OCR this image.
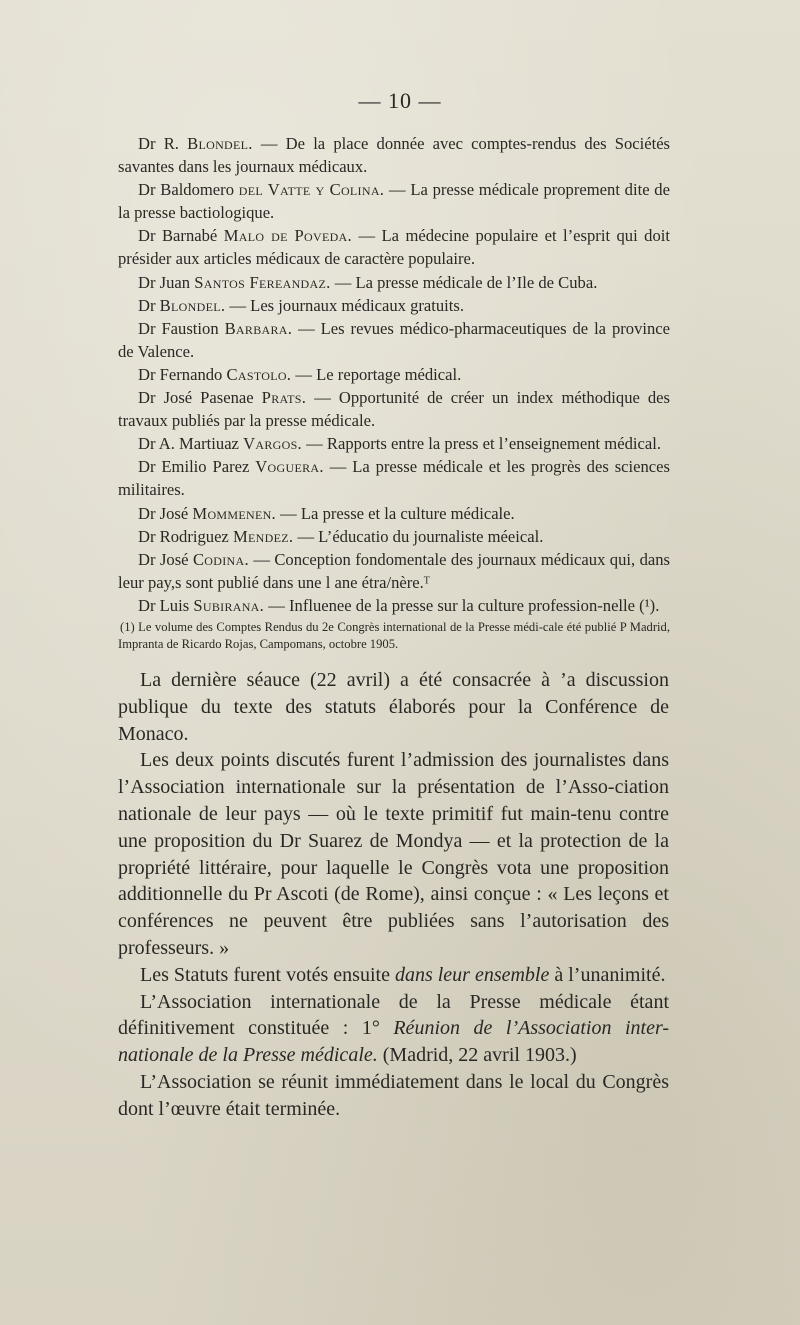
— 10 —

Dr R. Blondel. — De la place donnée avec comptes-rendus des Sociétés savantes dans les journaux médicaux.

Dr Baldomero del Vatte y Colina. — La presse médicale proprement dite de la presse bactiologique.

Dr Barnabé Malo de Poveda. — La médecine populaire et l’esprit qui doit présider aux articles médicaux de caractère populaire.

Dr Juan Santos Fereandaz. — La presse médicale de l’Ile de Cuba.

Dr Blondel. — Les journaux médicaux gratuits.

Dr Faustion Barbara. — Les revues médico-pharmaceutiques de la province de Valence.

Dr Fernando Castolo. — Le reportage médical.

Dr José Pasenae Prats. — Opportunité de créer un index méthodique des travaux publiés par la presse médicale.

Dr A. Martiuaz Vargos. — Rapports entre la press et l’enseignement médical.

Dr Emilio Parez Voguera. — La presse médicale et les progrès des sciences militaires.

Dr José Mommenen. — La presse et la culture médicale.

Dr Rodriguez Mendez. — L’éducatio du journaliste méeical.

Dr José Codina. — Conception fondomentale des journaux médicaux qui, dans leur pay,s sont publié dans une l ane étra/nère.ᵀ

Dr Luis Subirana. — Influenee de la presse sur la culture profession-nelle (¹).

(1) Le volume des Comptes Rendus du 2e Congrès international de la Presse médi-cale été publié P Madrid, Impranta de Ricardo Rojas, Campomans, octobre 1905.

La dernière séauce (22 avril) a été consacrée à ’a discussion publique du texte des statuts élaborés pour la Conférence de Monaco.

Les deux points discutés furent l’admission des journalistes dans l’Association internationale sur la présentation de l’Asso-ciation nationale de leur pays — où le texte primitif fut main-tenu contre une proposition du Dr Suarez de Mondya — et la protection de la propriété littéraire, pour laquelle le Congrès vota une proposition additionnelle du Pr Ascoti (de Rome), ainsi conçue : « Les leçons et conférences ne peuvent être publiées sans l’autorisation des professeurs. »

Les Statuts furent votés ensuite dans leur ensemble à l’unanimité.

L’Association internationale de la Presse médicale étant définitivement constituée : 1° Réunion de l’Association inter-nationale de la Presse médicale. (Madrid, 22 avril 1903.)

L’Association se réunit immédiatement dans le local du Congrès dont l’œuvre était terminée.
